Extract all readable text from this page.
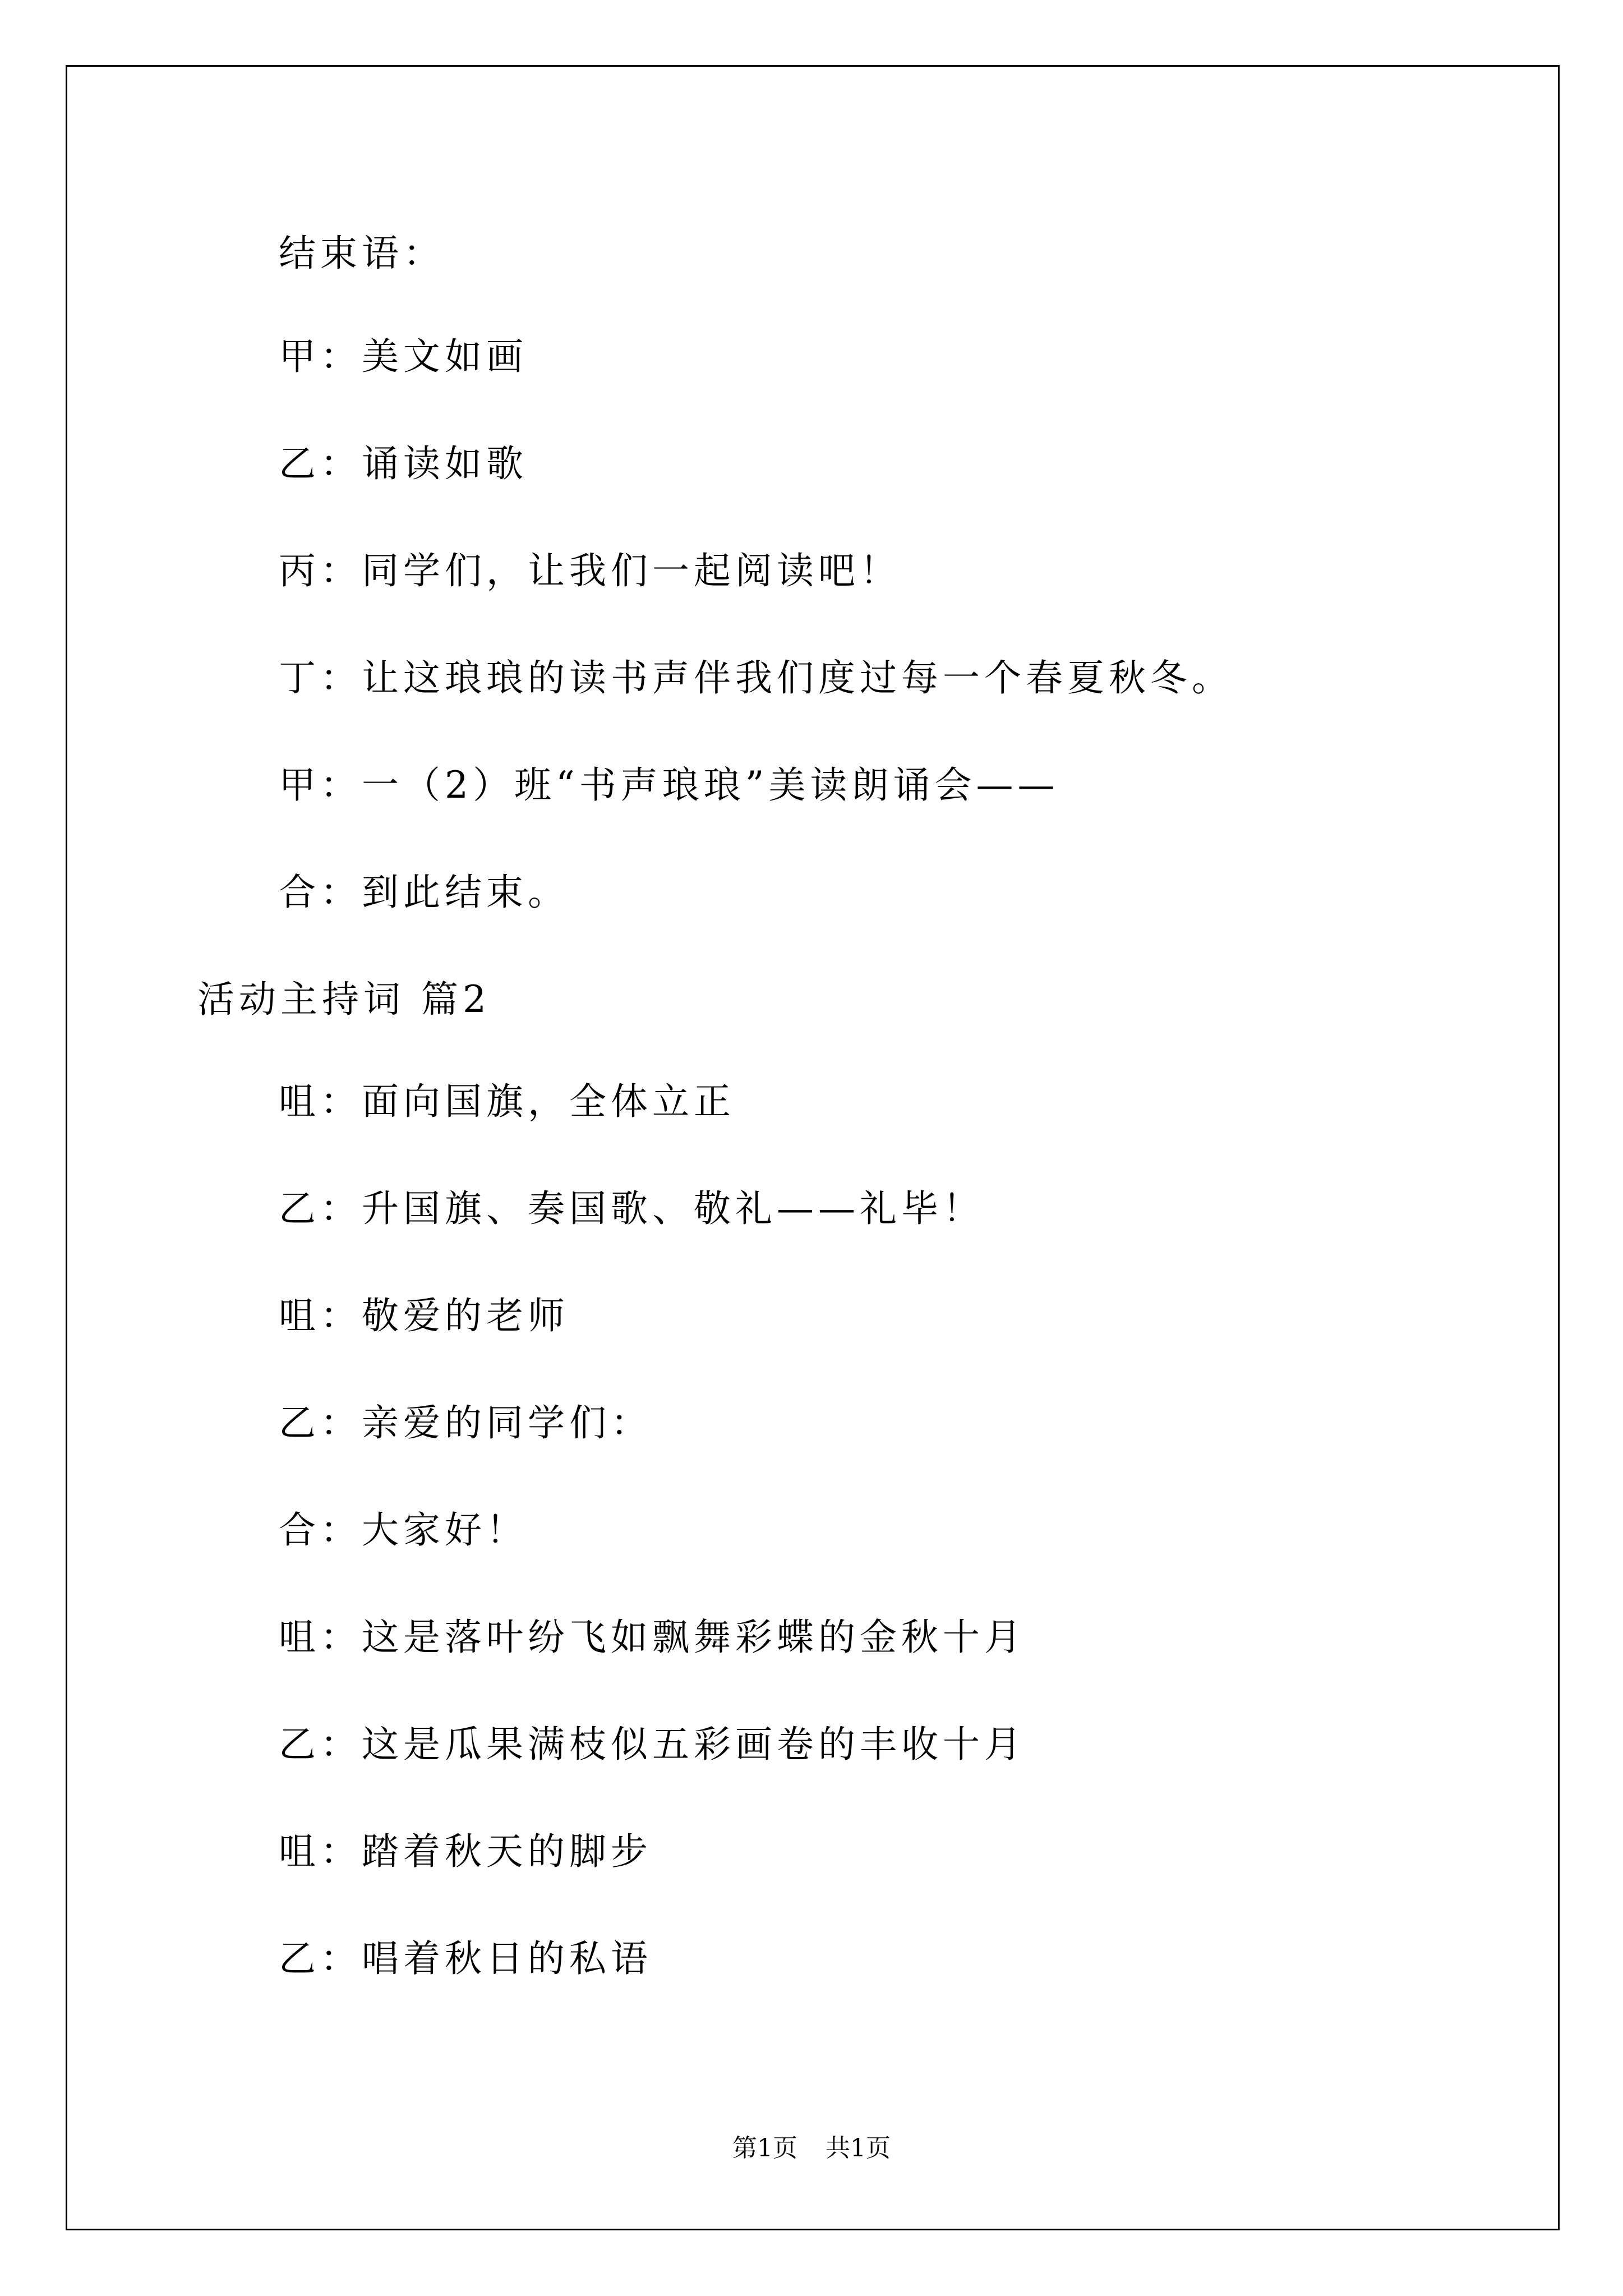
结束语：
甲：美文如画
乙：诵读如歌
丙：同学们，让我们一起阅读吧！
丁：让这琅琅的读书声伴我们度过每一个春夏秋冬。
甲：一（2）班“书声琅琅”美读朗诵会——
合：到此结束。
活动主持词 篇2
咀：面向国旗，全体立正
乙：升国旗、奏国歌、敬礼——礼毕！
咀：敬爱的老师
乙：亲爱的同学们：
合：大家好！
咀：这是落叶纷飞如飘舞彩蝶的金秋十月
乙：这是瓜果满枝似五彩画卷的丰收十月
咀：踏着秋天的脚步
乙：唱着秋日的私语
第1页 共1页
